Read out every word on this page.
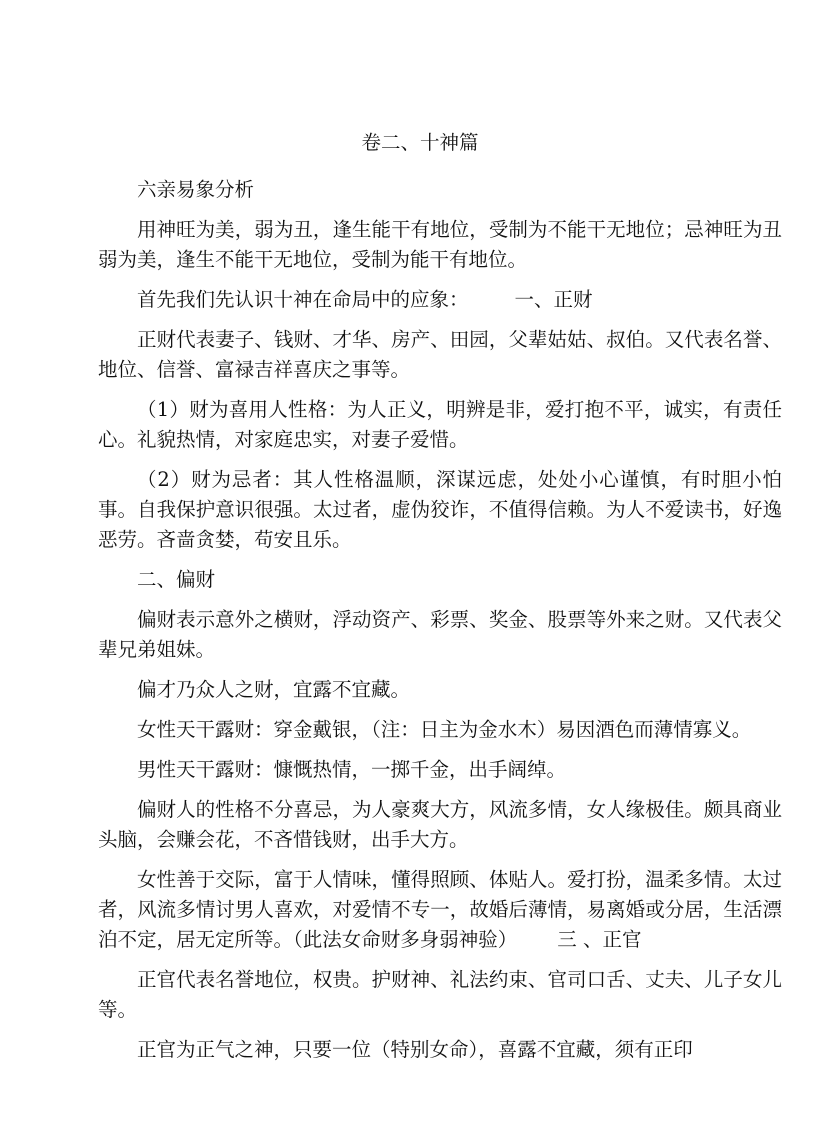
卷二、十神篇

六亲易象分析

用神旺为美，弱为丑，逢生能干有地位，受制为不能干无地位；忌神旺为丑弱为美，逢生不能干无地位，受制为能干有地位。

首先我们先认识十神在命局中的应象： 一、正财

正财代表妻子、钱财、才华、房产、田园，父辈姑姑、叔伯。又代表名誉、地位、信誉、富禄吉祥喜庆之事等。

（1）财为喜用人性格：为人正义，明辨是非，爱打抱不平，诚实，有责任心。礼貌热情，对家庭忠实，对妻子爱惜。

（2）财为忌者：其人性格温顺，深谋远虑，处处小心谨慎，有时胆小怕事。自我保护意识很强。太过者，虚伪狡诈，不值得信赖。为人不爱读书，好逸恶劳。吝啬贪婪，苟安且乐。

二、偏财

偏财表示意外之横财，浮动资产、彩票、奖金、股票等外来之财。又代表父辈兄弟姐妹。

偏才乃众人之财，宜露不宜藏。

女性天干露财：穿金戴银，（注：日主为金水木）易因酒色而薄情寡义。

男性天干露财：慷慨热情，一掷千金，出手阔绰。

偏财人的性格不分喜忌，为人豪爽大方，风流多情，女人缘极佳。颇具商业头脑，会赚会花，不吝惜钱财，出手大方。

女性善于交际，富于人情味，懂得照顾、体贴人。爱打扮，温柔多情。太过者，风流多情讨男人喜欢，对爱情不专一，故婚后薄情，易离婚或分居，生活漂泊不定，居无定所等。（此法女命财多身弱神验） 三 、正官

正官代表名誉地位，权贵。护财神、礼法约束、官司口舌、丈夫、儿子女儿等。

正官为正气之神，只要一位（特别女命），喜露不宜藏，须有正印
